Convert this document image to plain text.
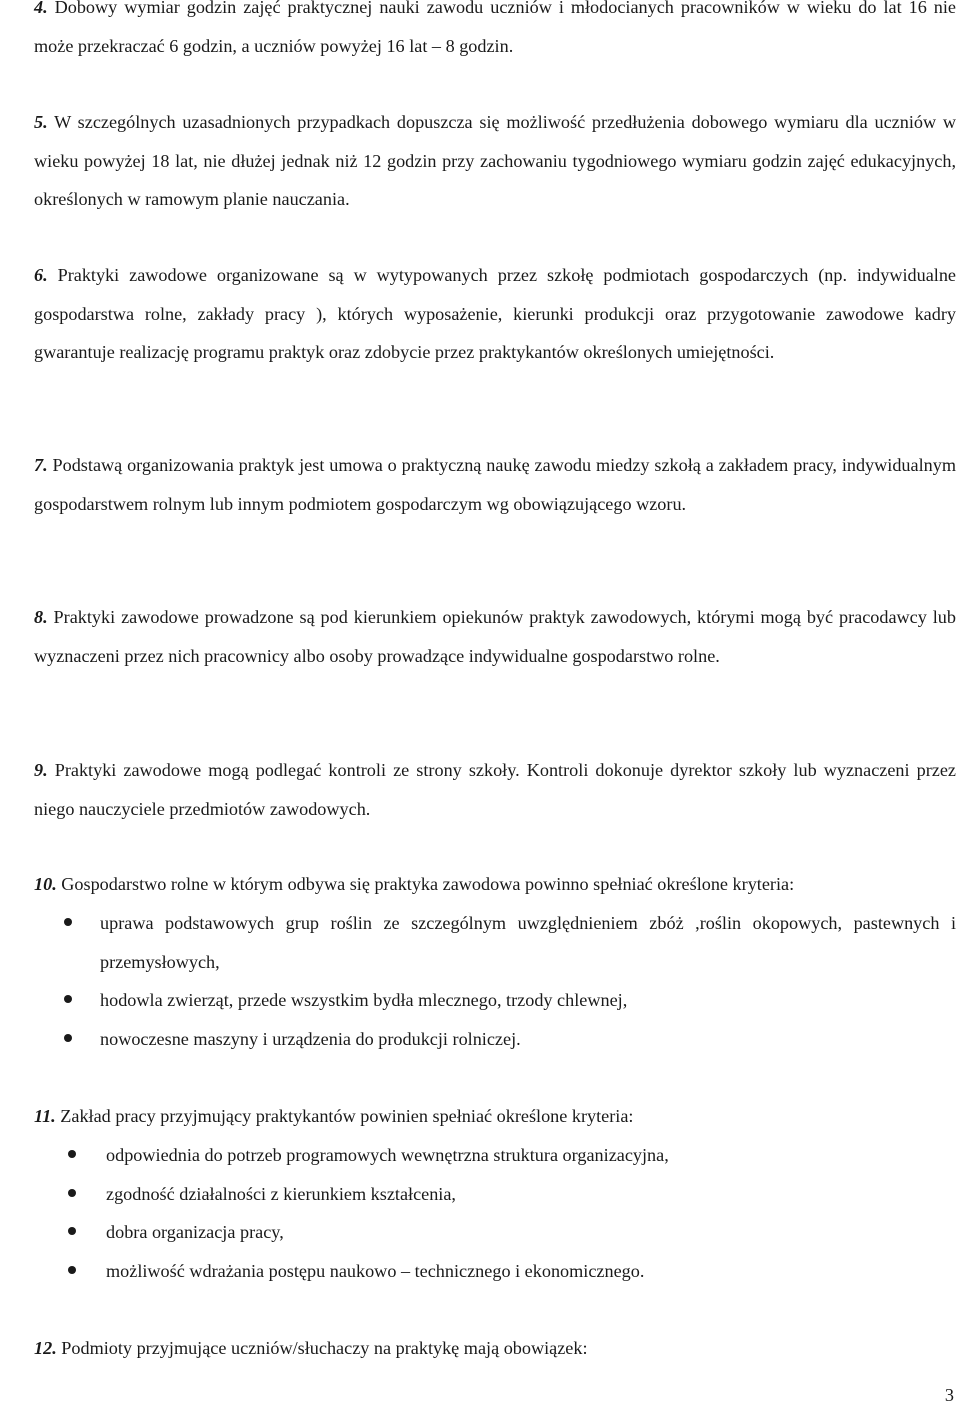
4. Dobowy wymiar godzin zajęć praktycznej nauki zawodu uczniów i młodocianych pracowników w wieku do lat 16 nie może przekraczać 6 godzin, a uczniów powyżej 16 lat – 8 godzin.

5. W szczególnych uzasadnionych przypadkach dopuszcza się możliwość przedłużenia dobowego wymiaru dla uczniów w wieku powyżej 18 lat, nie dłużej jednak niż 12 godzin przy zachowaniu tygodniowego wymiaru godzin zajęć edukacyjnych, określonych w ramowym planie nauczania.

6. Praktyki zawodowe organizowane są w wytypowanych przez szkołę podmiotach gospodarczych (np. indywidualne gospodarstwa rolne, zakłady pracy ), których wyposażenie, kierunki produkcji oraz przygotowanie zawodowe kadry gwarantuje realizację programu praktyk oraz zdobycie przez praktykantów określonych umiejętności.

7. Podstawą organizowania praktyk jest umowa o praktyczną naukę zawodu miedzy szkołą a zakładem pracy, indywidualnym gospodarstwem rolnym lub innym podmiotem gospodarczym wg obowiązującego wzoru.

8. Praktyki zawodowe prowadzone są pod kierunkiem opiekunów praktyk zawodowych, którymi mogą być pracodawcy lub wyznaczeni przez nich pracownicy albo osoby prowadzące indywidualne gospodarstwo rolne.

9. Praktyki zawodowe mogą podlegać kontroli ze strony szkoły. Kontroli dokonuje dyrektor szkoły lub wyznaczeni przez niego nauczyciele przedmiotów zawodowych.

10. Gospodarstwo rolne w którym odbywa się praktyka zawodowa powinno spełniać określone kryteria:

uprawa podstawowych grup roślin ze szczególnym uwzględnieniem zbóż ,roślin okopowych, pastewnych i przemysłowych,
hodowla zwierząt, przede wszystkim bydła mlecznego, trzody chlewnej,
nowoczesne maszyny i urządzenia do produkcji rolniczej.

11. Zakład pracy przyjmujący praktykantów powinien spełniać określone kryteria:

odpowiednia do potrzeb programowych wewnętrzna struktura organizacyjna,
zgodność działalności z kierunkiem kształcenia,
dobra organizacja pracy,
możliwość wdrażania postępu naukowo – technicznego i ekonomicznego.

12. Podmioty przyjmujące uczniów/słuchaczy na praktykę mają obowiązek:

3
